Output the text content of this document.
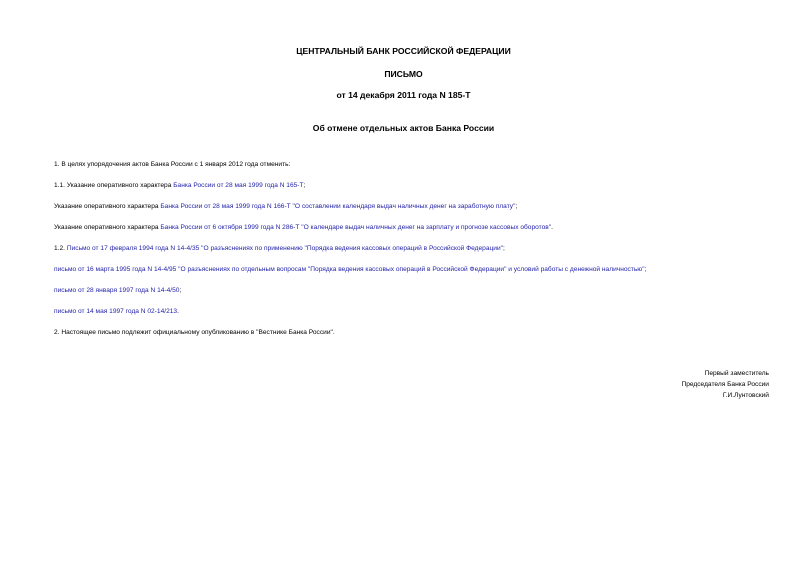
ЦЕНТРАЛЬНЫЙ БАНК РОССИЙСКОЙ ФЕДЕРАЦИИ
ПИСЬМО
от 14 декабря 2011 года N 185-Т
Об отмене отдельных актов Банка России
1. В целях упорядочения актов Банка России с 1 января 2012 года отменить:
1.1. Указание оперативного характера Банка России от 28 мая 1999 года N 165-Т;
Указание оперативного характера Банка России от 28 мая 1999 года N 166-Т "О составлении календаря выдач наличных денег на заработную плату";
Указание оперативного характера Банка России от 6 октября 1999 года N 286-Т "О календаре выдач наличных денег на зарплату и прогнозе кассовых оборотов".
1.2. Письмо от 17 февраля 1994 года N 14-4/35 "О разъяснениях по применению "Порядка ведения кассовых операций в Российской Федерации";
письмо от 16 марта 1995 года N 14-4/95 "О разъяснениях по отдельным вопросам "Порядка ведения кассовых операций в Российской Федерации" и условий работы с денежной наличностью";
письмо от 28 января 1997 года N 14-4/50;
письмо от 14 мая 1997 года N 02-14/213.
2. Настоящее письмо подлежит официальному опубликованию в "Вестнике Банка России".
Первый заместитель
Председателя Банка России
Г.И.Лунтовский
